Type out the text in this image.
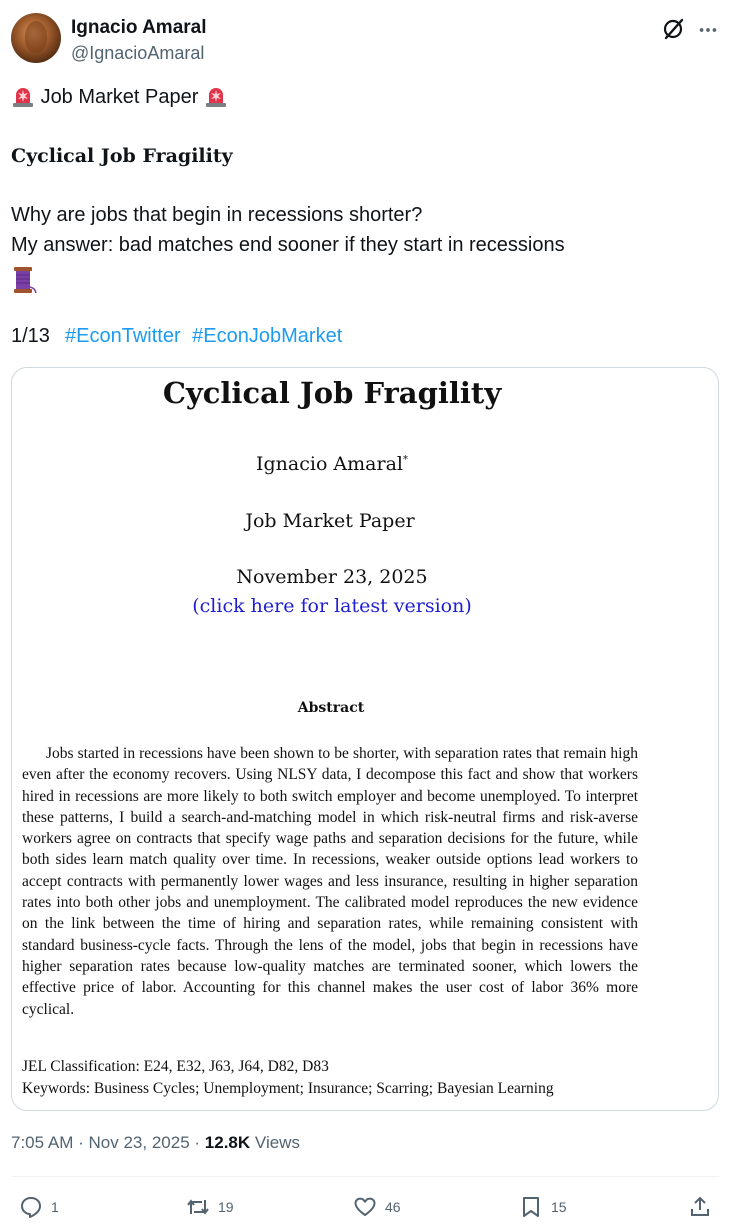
Ignacio Amaral
@IgnacioAmaral
Job Market Paper
Cyclical Job Fragility
Why are jobs that begin in recessions shorter?
My answer: bad matches end sooner if they start in recessions
1/13 #EconTwitter #EconJobMarket
Cyclical Job Fragility
Ignacio Amaral*
Job Market Paper
November 23, 2025
(click here for latest version)
Abstract
Jobs started in recessions have been shown to be shorter, with separation rates that remain high even after the economy recovers. Using NLSY data, I decompose this fact and show that workers hired in recessions are more likely to both switch employer and become unemployed. To interpret these patterns, I build a search-and-matching model in which risk-neutral firms and risk-averse workers agree on contracts that specify wage paths and separation decisions for the future, while both sides learn match quality over time. In recessions, weaker outside options lead workers to accept contracts with permanently lower wages and less insurance, resulting in higher separation rates into both other jobs and unemployment. The calibrated model reproduces the new evidence on the link between the time of hiring and separation rates, while remaining consistent with standard business-cycle facts. Through the lens of the model, jobs that begin in recessions have higher separation rates because low-quality matches are terminated sooner, which lowers the effective price of labor. Accounting for this channel makes the user cost of labor 36% more cyclical.
JEL Classification: E24, E32, J63, J64, D82, D83
Keywords: Business Cycles; Unemployment; Insurance; Scarring; Bayesian Learning
7:05 AM · Nov 23, 2025 · 12.8K Views
1	19	46	15
